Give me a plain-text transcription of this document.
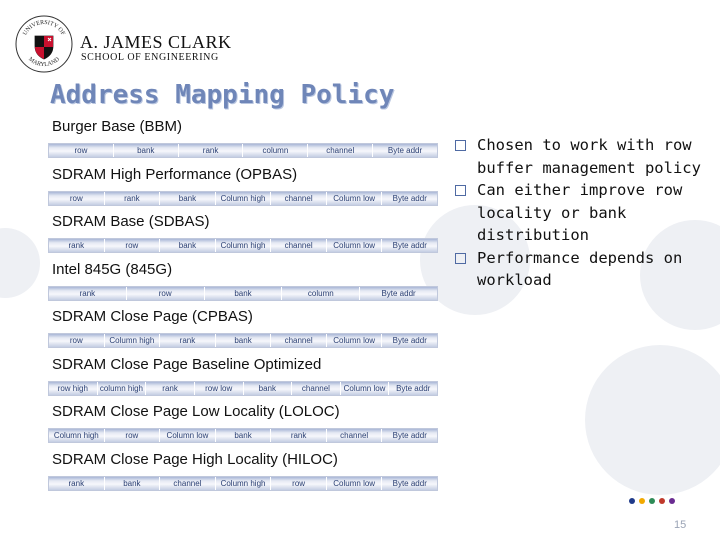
UNIVERSITY OF
MARYLAND
A. JAMES CLARK
SCHOOL OF ENGINEERING
Address Mapping Policy
Burger Base (BBM)
row	bank	rank	column	channel	Byte addr
SDRAM High Performance (OPBAS)
row	rank	bank	Column high	channel	Column low	Byte addr
SDRAM Base (SDBAS)
rank	row	bank	Column high	channel	Column low	Byte addr
Intel 845G (845G)
rank	row	bank	column	Byte addr
SDRAM Close Page (CPBAS)
row	Column high	rank	bank	channel	Column low	Byte addr
SDRAM Close Page Baseline Optimized
row high	column high	rank	row low	bank	channel	Column low	Byte addr
SDRAM Close Page Low Locality (LOLOC)
Column high	row	Column low	bank	rank	channel	Byte addr
SDRAM Close Page High Locality (HILOC)
rank	bank	channel	Column high	row	Column low	Byte addr
Chosen to work with row buffer management policy
Can either improve row locality or bank distribution
Performance depends on workload
15
